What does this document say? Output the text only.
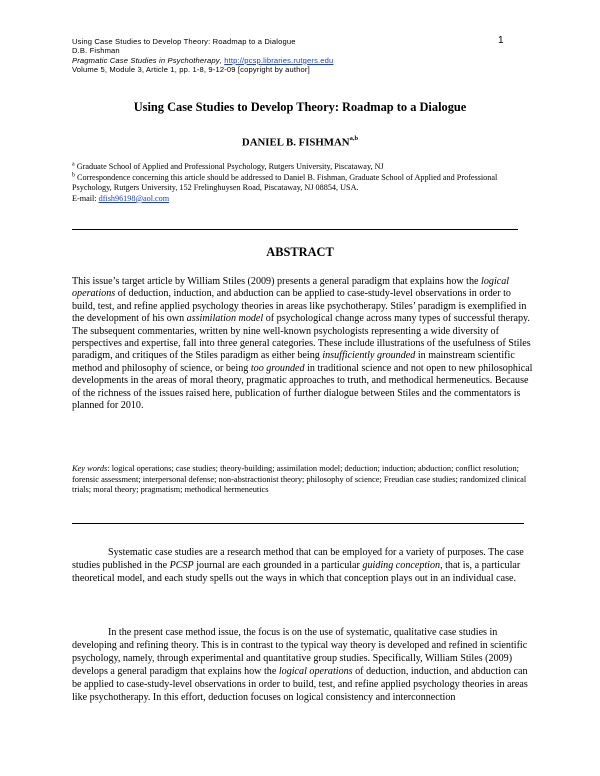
Using Case Studies to Develop Theory: Roadmap to a Dialogue
D.B. Fishman
Pragmatic Case Studies in Psychotherapy, http://pcsp.libraries.rutgers.edu
Volume 5, Module 3, Article 1, pp. 1-8, 9-12-09 [copyright by author]
1
Using Case Studies to Develop Theory: Roadmap to a Dialogue
DANIEL B. FISHMAN$^{a,b}$
$^a$ Graduate School of Applied and Professional Psychology, Rutgers University, Piscataway, NJ
$^b$ Correspondence concerning this article should be addressed to Daniel B. Fishman, Graduate School of Applied and Professional Psychology, Rutgers University, 152 Frelinghuysen Road, Piscataway, NJ 08854, USA.
E-mail: dfish96198@aol.com
ABSTRACT
This issue’s target article by William Stiles (2009) presents a general paradigm that explains how the logical operations of deduction, induction, and abduction can be applied to case-study-level observations in order to build, test, and refine applied psychology theories in areas like psychotherapy. Stiles’ paradigm is exemplified in the development of his own assimilation model of psychological change across many types of successful therapy. The subsequent commentaries, written by nine well-known psychologists representing a wide diversity of perspectives and expertise, fall into three general categories. These include illustrations of the usefulness of Stiles paradigm, and critiques of the Stiles paradigm as either being insufficiently grounded in mainstream scientific method and philosophy of science, or being too grounded in traditional science and not open to new philosophical developments in the areas of moral theory, pragmatic approaches to truth, and methodical hermeneutics. Because of the richness of the issues raised here, publication of further dialogue between Stiles and the commentators is planned for 2010.
Key words: logical operations; case studies; theory-building; assimilation model; deduction; induction; abduction; conflict resolution; forensic assessment; interpersonal defense; non-abstractionist theory; philosophy of science; Freudian case studies; randomized clinical trials; moral theory; pragmatism; methodical hermeneutics
Systematic case studies are a research method that can be employed for a variety of purposes. The case studies published in the PCSP journal are each grounded in a particular guiding conception, that is, a particular theoretical model, and each study spells out the ways in which that conception plays out in an individual case.
In the present case method issue, the focus is on the use of systematic, qualitative case studies in developing and refining theory. This is in contrast to the typical way theory is developed and refined in scientific psychology, namely, through experimental and quantitative group studies. Specifically, William Stiles (2009) develops a general paradigm that explains how the logical operations of deduction, induction, and abduction can be applied to case-study-level observations in order to build, test, and refine applied psychology theories in areas like psychotherapy. In this effort, deduction focuses on logical consistency and interconnection
